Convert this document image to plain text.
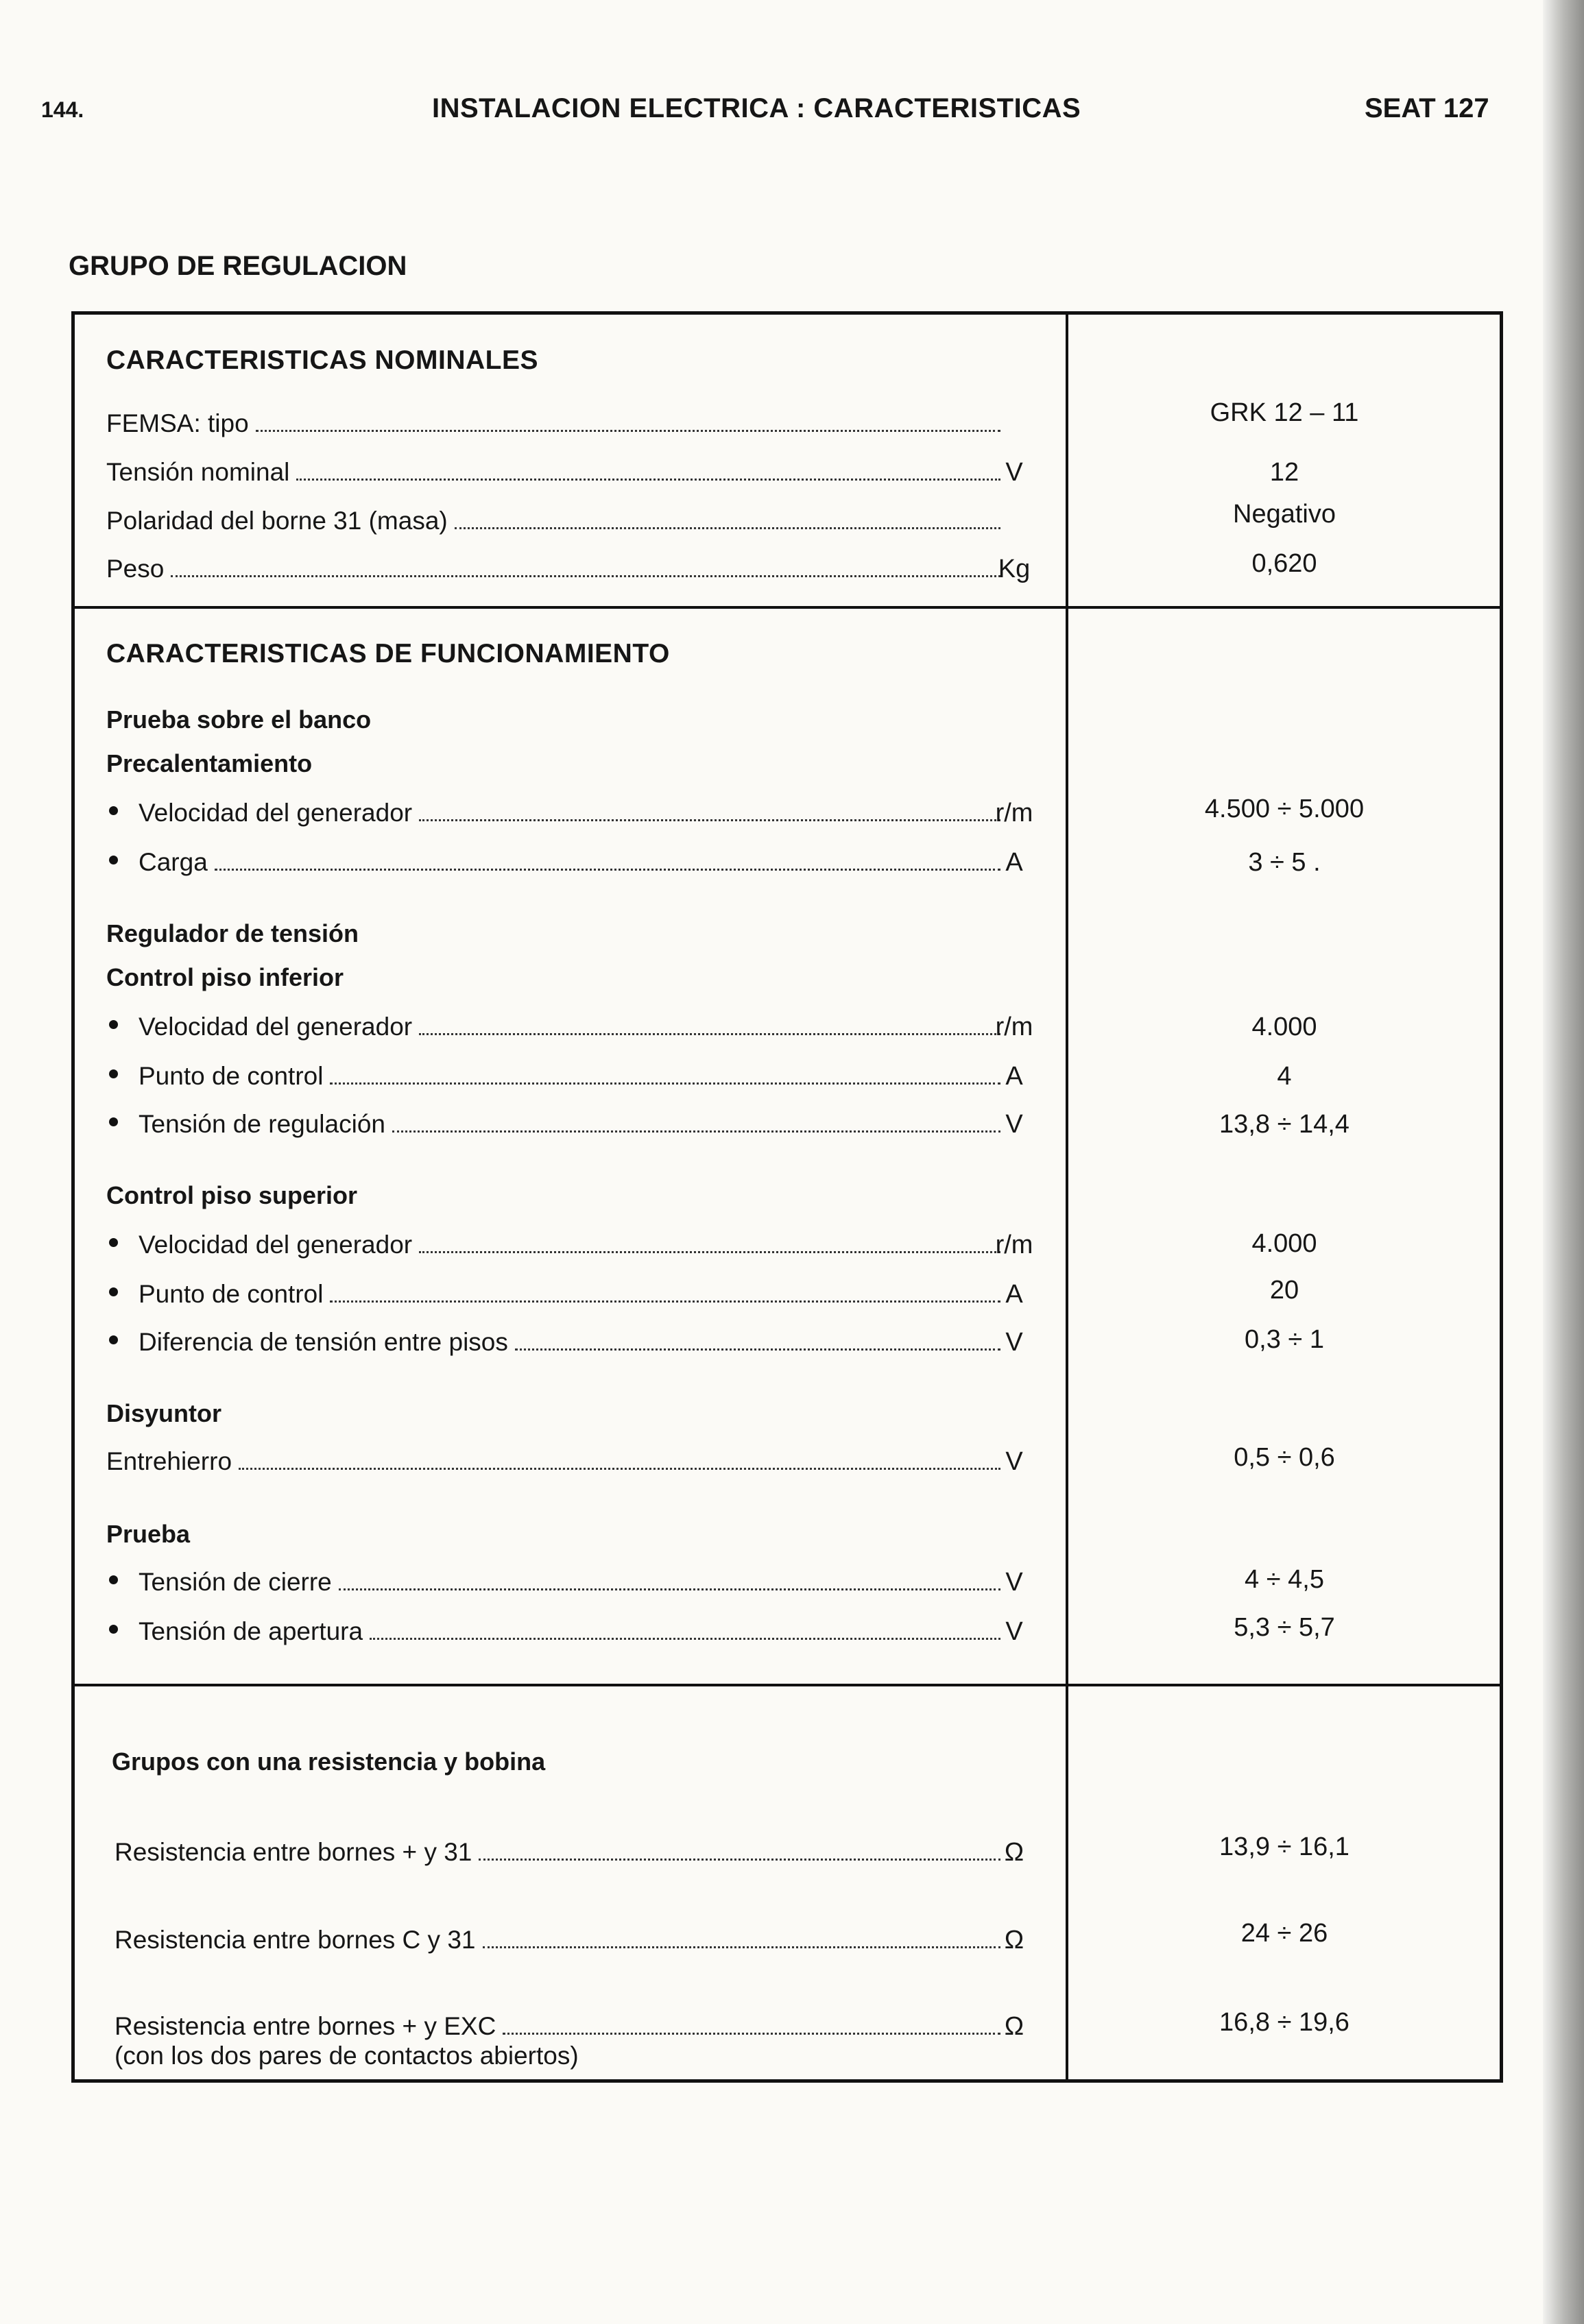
144.	INSTALACION ELECTRICA : CARACTERISTICAS	SEAT 127
GRUPO DE REGULACION
CARACTERISTICAS NOMINALES
FEMSA: tipo	GRK 12 – 11
Tensión nominal	V	12
Polaridad del borne 31 (masa)	Negativo
Peso	Kg	0,620
CARACTERISTICAS DE FUNCIONAMIENTO
Prueba sobre el banco
Precalentamiento
Velocidad del generador	r/m	4.500 ÷ 5.000
Carga	A	3 ÷ 5 .
Regulador de tensión
Control piso inferior
Velocidad del generador	r/m	4.000
Punto de control	A	4
Tensión de regulación	V	13,8 ÷ 14,4
Control piso superior
Velocidad del generador	r/m	4.000
Punto de control	A	20
Diferencia de tensión entre pisos	V	0,3 ÷ 1
Disyuntor
Entrehierro	V	0,5 ÷ 0,6
Prueba
Tensión de cierre	V	4 ÷ 4,5
Tensión de apertura	V	5,3 ÷ 5,7
Grupos con una resistencia y bobina
Resistencia entre bornes + y 31	Ω	13,9 ÷ 16,1
Resistencia entre bornes C y 31	Ω	24 ÷ 26
Resistencia entre bornes + y EXC	Ω	16,8 ÷ 19,6
(con los dos pares de contactos abiertos)
